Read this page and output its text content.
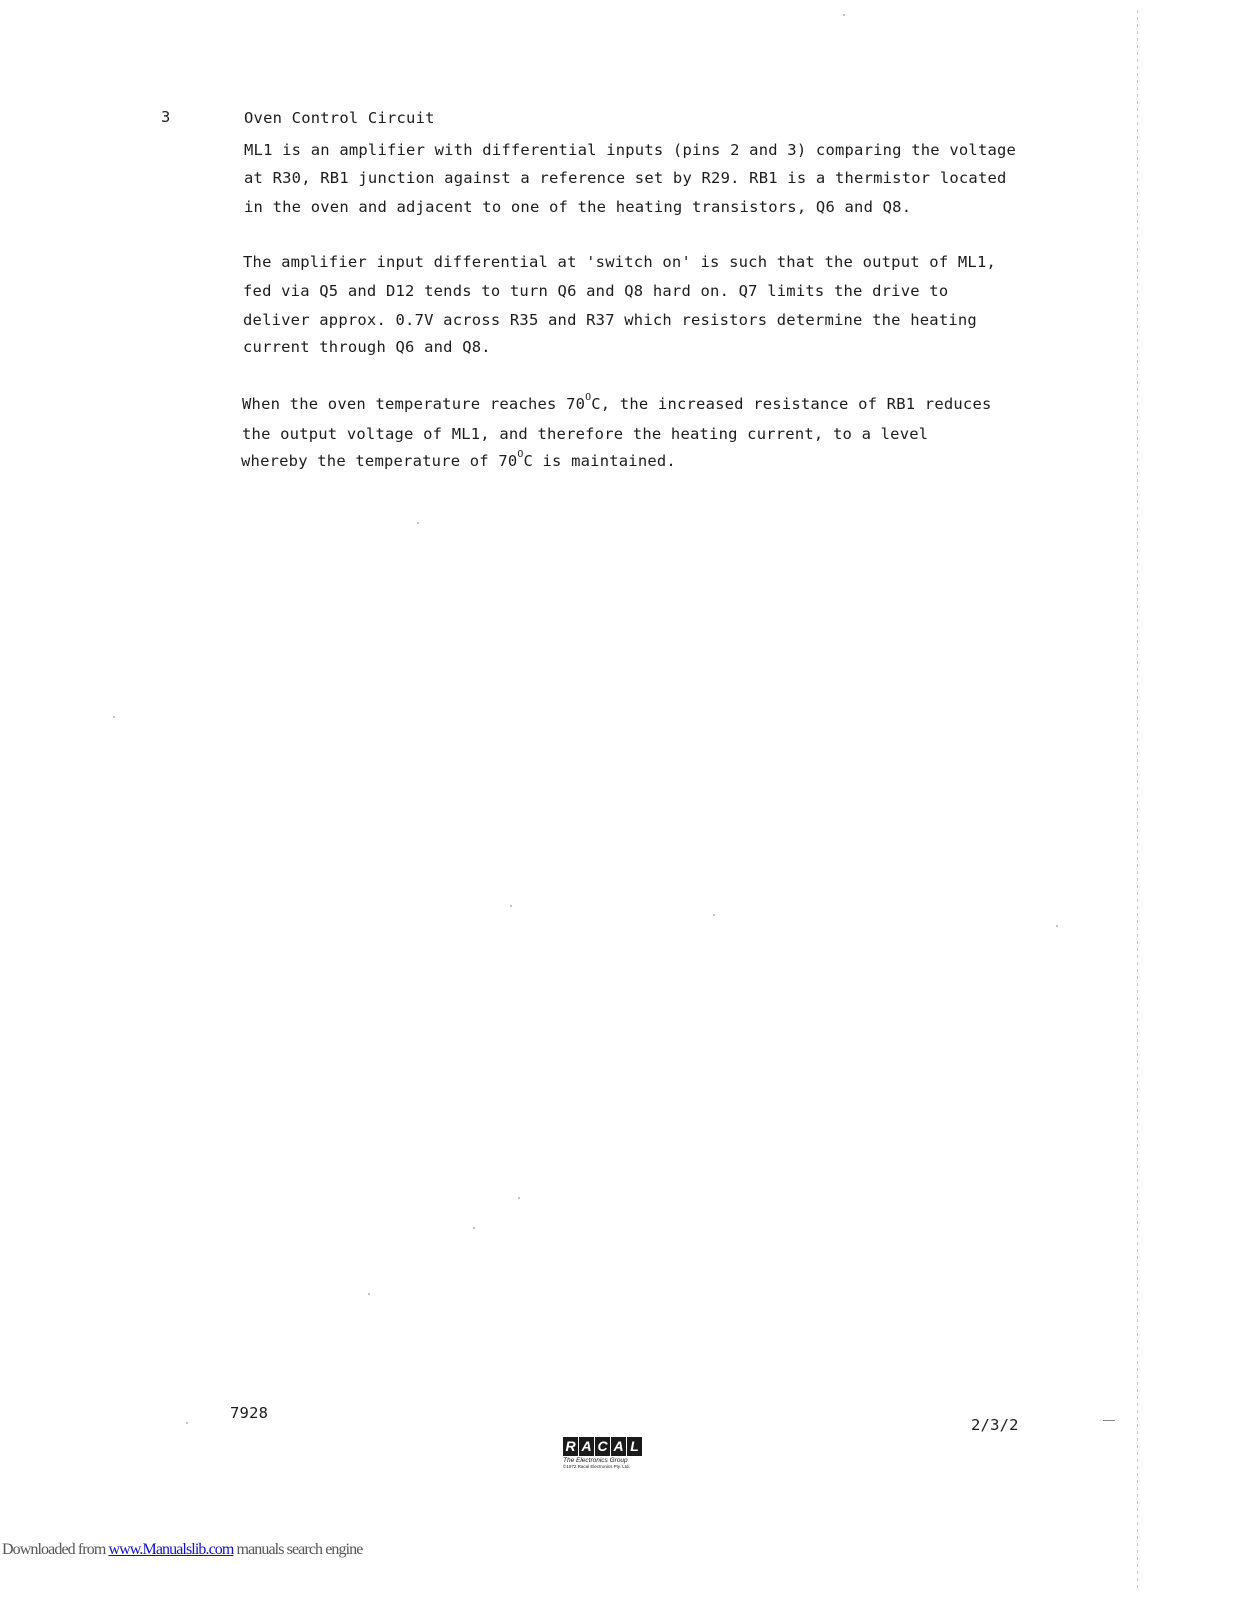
3	Oven Control Circuit
ML1 is an amplifier with differential inputs (pins 2 and 3) comparing the voltage
at R30, RB1 junction against a reference set by R29. RB1 is a thermistor located
in the oven and adjacent to one of the heating transistors, Q6 and Q8.
The amplifier input differential at 'switch on' is such that the output of ML1,
fed via Q5 and D12 tends to turn Q6 and Q8 hard on. Q7 limits the drive to
deliver approx. 0.7V across R35 and R37 which resistors determine the heating
current through Q6 and Q8.
When the oven temperature reaches $70^OC$, the increased resistance of RB1 reduces
the output voltage of ML1, and therefore the heating current, to a level
whereby the temperature of $70^OC$ is maintained.
7928
2/3/2
R A C A L
The Electronics Group
©1972 Racal Electronics Pty. Ltd.
Downloaded from www.Manualslib.com manuals search engine
